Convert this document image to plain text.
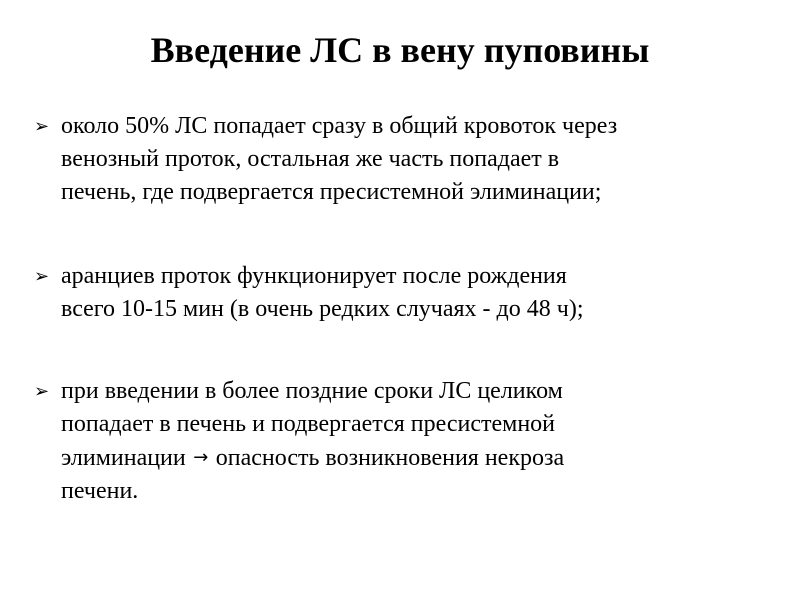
Введение ЛС в вену пуповины
➢ около 50% ЛС попадает сразу в общий кровоток через
венозный проток, остальная же часть попадает в
печень, где подвергается пресистемной элиминации;
➢ аранциев проток функционирует после рождения
всего 10-15 мин (в очень редких случаях - до 48 ч);
➢ при введении в более поздние сроки ЛС целиком
попадает в печень и подвергается пресистемной
элиминации → опасность возникновения некроза
печени.
